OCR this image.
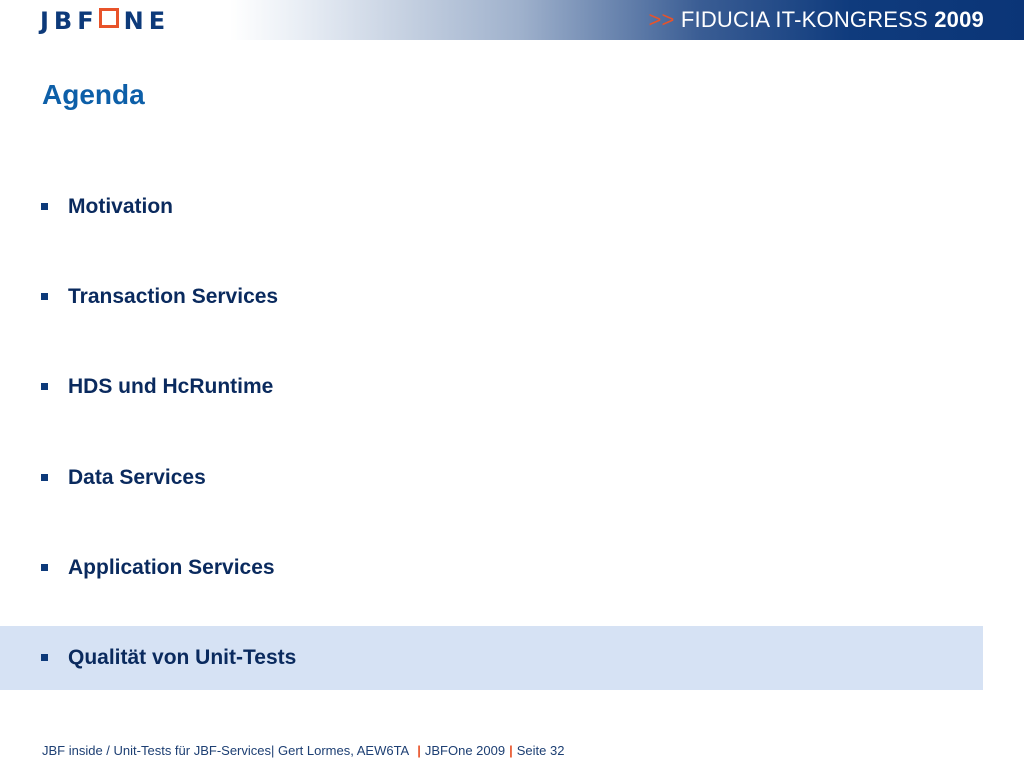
JBF NE	>> FIDUCIA IT-KONGRESS 2009
Agenda
Motivation
Transaction Services
HDS und HcRuntime
Data Services
Application Services
Qualität von Unit-Tests
JBF inside / Unit-Tests für JBF-Services| Gert Lormes, AEW6TA | JBFOne 2009 | Seite 32
